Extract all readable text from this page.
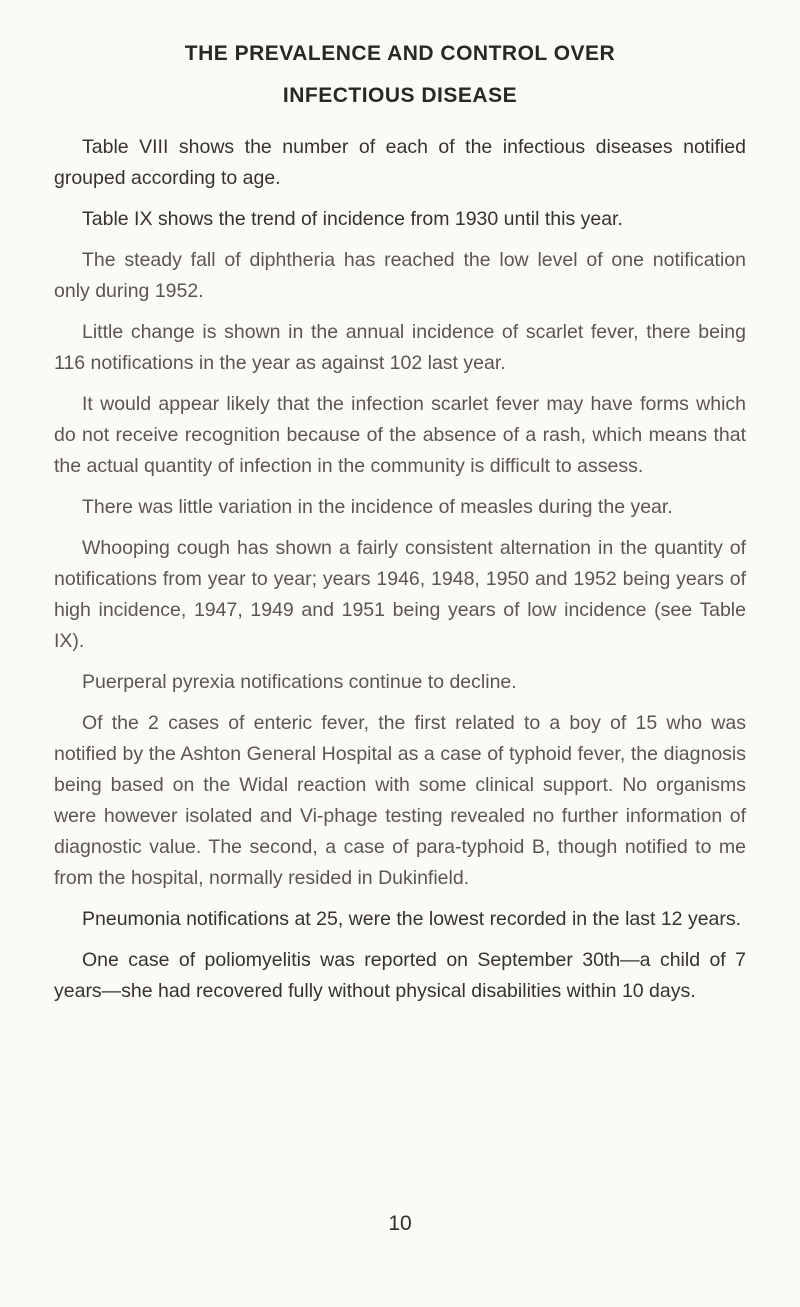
THE PREVALENCE AND CONTROL OVER
INFECTIOUS DISEASE

Table VIII shows the number of each of the infectious diseases notified grouped according to age.

Table IX shows the trend of incidence from 1930 until this year.

The steady fall of diphtheria has reached the low level of one notification only during 1952.

Little change is shown in the annual incidence of scarlet fever, there being 116 notifications in the year as against 102 last year.

It would appear likely that the infection scarlet fever may have forms which do not receive recognition because of the absence of a rash, which means that the actual quantity of infection in the community is difficult to assess.

There was little variation in the incidence of measles during the year.

Whooping cough has shown a fairly consistent alternation in the quantity of notifications from year to year; years 1946, 1948, 1950 and 1952 being years of high incidence, 1947, 1949 and 1951 being years of low incidence (see Table IX).

Puerperal pyrexia notifications continue to decline.

Of the 2 cases of enteric fever, the first related to a boy of 15 who was notified by the Ashton General Hospital as a case of typhoid fever, the diagnosis being based on the Widal reaction with some clinical support. No organisms were however isolated and Vi-phage testing revealed no further information of diagnostic value. The second, a case of para-typhoid B, though notified to me from the hospital, normally resided in Dukinfield.

Pneumonia notifications at 25, were the lowest recorded in the last 12 years.

One case of poliomyelitis was reported on September 30th—a child of 7 years—she had recovered fully without physical disabilities within 10 days.

10
